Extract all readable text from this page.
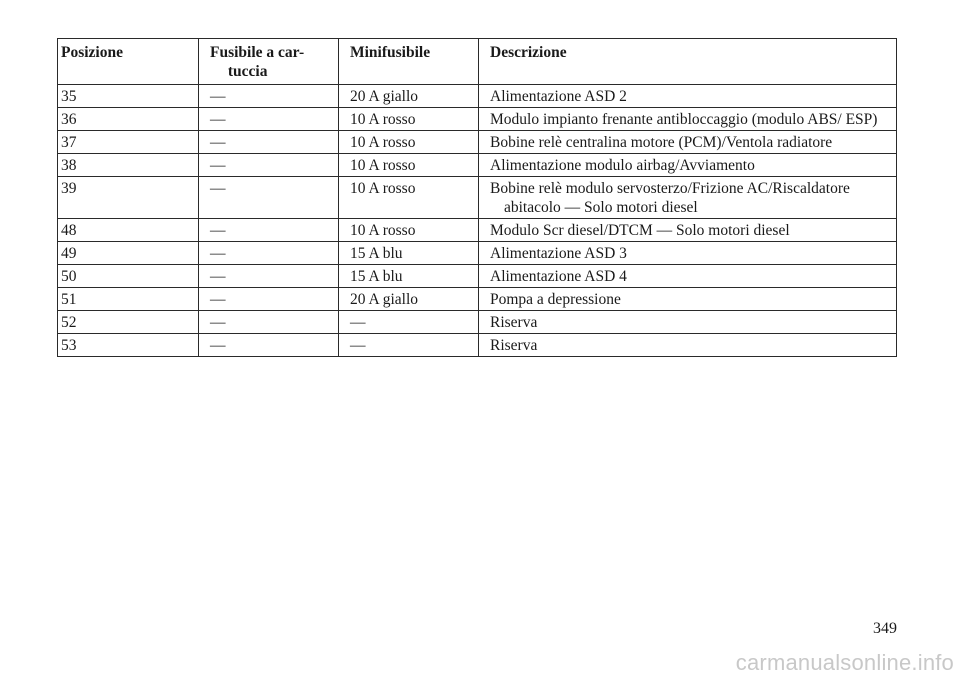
Posizione	Fusibile a car- tuccia	Minifusibile	Descrizione
35	—	20 A giallo	Alimentazione ASD 2

36	—	10 A rosso	Modulo impianto frenante antibloccaggio (modulo ABS/ ESP)

37	—	10 A rosso	Bobine relè centralina motore (PCM)/Ventola radiatore

38	—	10 A rosso	Alimentazione modulo airbag/Avviamento

39	—	10 A rosso	Bobine relè modulo servosterzo/Frizione AC/Riscaldatore abitacolo — Solo motori diesel

48	—	10 A rosso	Modulo Scr diesel/DTCM — Solo motori diesel

49	—	15 A blu	Alimentazione ASD 3

50	—	15 A blu	Alimentazione ASD 4

51	—	20 A giallo	Pompa a depressione

52	—	—	Riserva

53	—	—	Riserva
349
carmanualsonline.info
